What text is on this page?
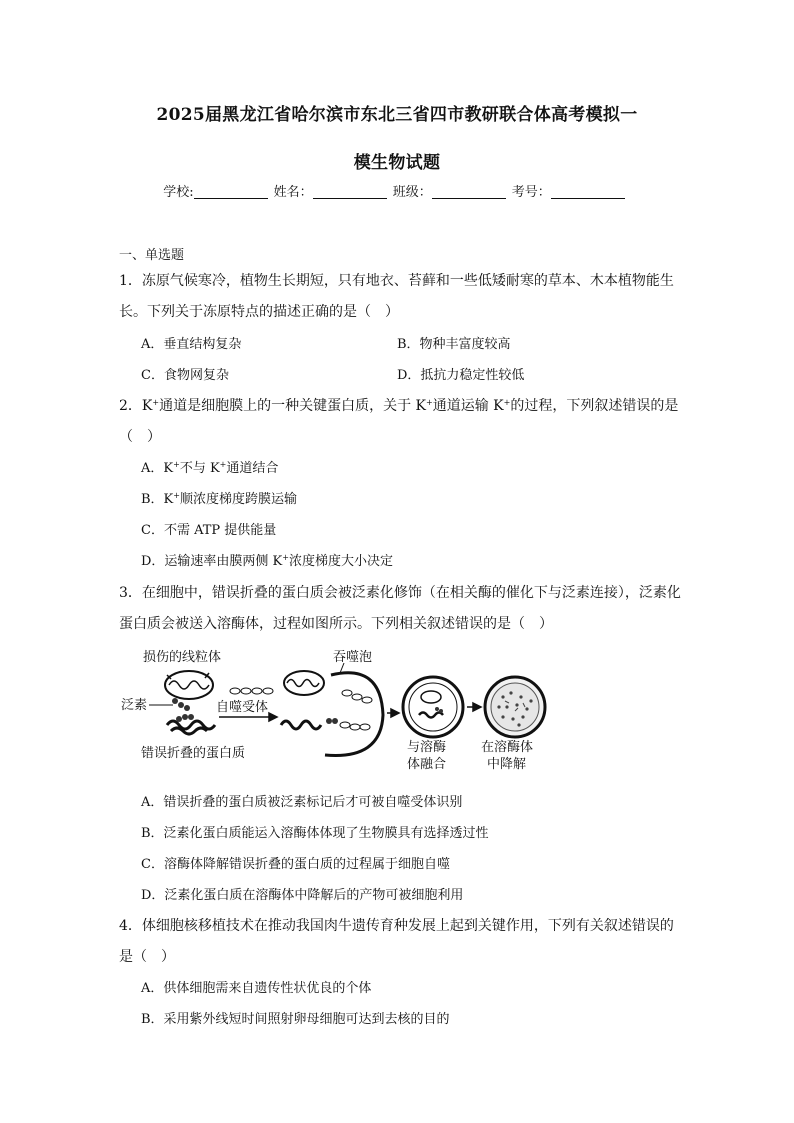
2025届黑龙江省哈尔滨市东北三省四市教研联合体高考模拟一
模生物试题
学校:	姓名：	班级：	考号：
一、单选题
1．冻原气候寒冷，植物生长期短，只有地衣、苔藓和一些低矮耐寒的草本、木本植物能生
长。下列关于冻原特点的描述正确的是（　）
A．垂直结构复杂	B．物种丰富度较高
C．食物网复杂	D．抵抗力稳定性较低
2．K+通道是细胞膜上的一种关键蛋白质，关于 K+通道运输 K+的过程，下列叙述错误的是
（　）
A．K+不与 K+通道结合
B．K+顺浓度梯度跨膜运输
C．不需 ATP 提供能量
D．运输速率由膜两侧 K+浓度梯度大小决定
3．在细胞中，错误折叠的蛋白质会被泛素化修饰（在相关酶的催化下与泛素连接），泛素化
蛋白质会被送入溶酶体，过程如图所示。下列相关叙述错误的是（　）
损伤的线粒体
泛素	自噬受体
错误折叠的蛋白质
吞噬泡
与溶酶
体融合
在溶酶体
中降解
A．错误折叠的蛋白质被泛素标记后才可被自噬受体识别
B．泛素化蛋白质能运入溶酶体体现了生物膜具有选择透过性
C．溶酶体降解错误折叠的蛋白质的过程属于细胞自噬
D．泛素化蛋白质在溶酶体中降解后的产物可被细胞利用
4．体细胞核移植技术在推动我国肉牛遗传育种发展上起到关键作用，下列有关叙述错误的
是（　）
A．供体细胞需来自遗传性状优良的个体
B．采用紫外线短时间照射卵母细胞可达到去核的目的
